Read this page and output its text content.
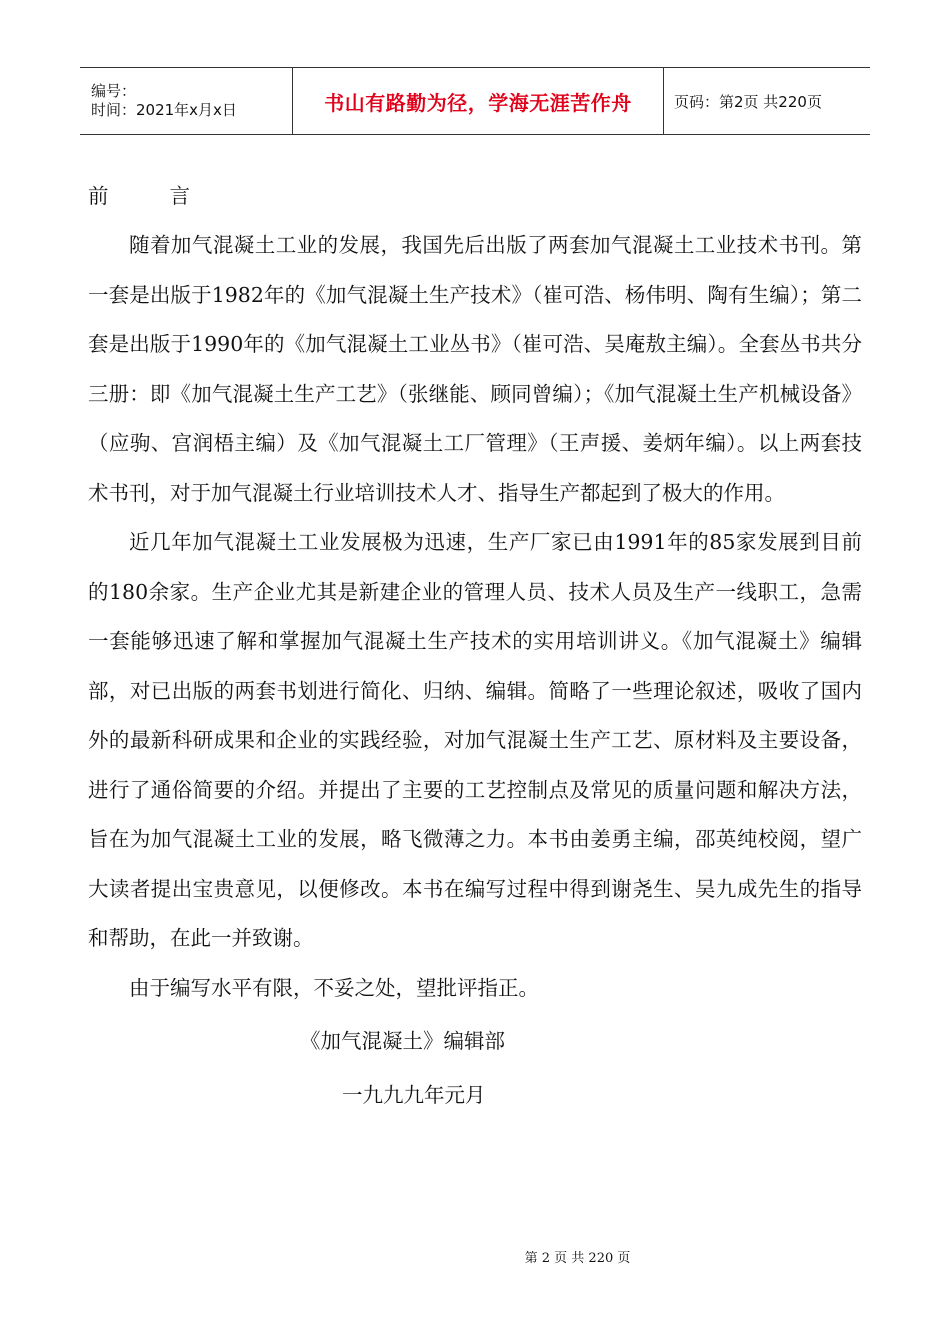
编号：
时间：2021年x月x日	书山有路勤为径，学海无涯苦作舟	页码：第2页 共220页
前	言

随着加气混凝土工业的发展，我国先后出版了两套加气混凝土工业技术书刊。第一套是出版于1982年的《加气混凝土生产技术》（崔可浩、杨伟明、陶有生编）；第二套是出版于1990年的《加气混凝土工业丛书》（崔可浩、吴庵敖主编）。全套丛书共分三册：即《加气混凝土生产工艺》（张继能、顾同曾编）；《加气混凝土生产机械设备》（应驹、宫润梧主编）及《加气混凝土工厂管理》（王声援、姜炳年编）。以上两套技术书刊，对于加气混凝土行业培训技术人才、指导生产都起到了极大的作用。

近几年加气混凝土工业发展极为迅速，生产厂家已由1991年的85家发展到目前的180余家。生产企业尤其是新建企业的管理人员、技术人员及生产一线职工，急需一套能够迅速了解和掌握加气混凝土生产技术的实用培训讲义。《加气混凝土》编辑部，对已出版的两套书划进行简化、归纳、编辑。简略了一些理论叙述，吸收了国内外的最新科研成果和企业的实践经验，对加气混凝土生产工艺、原材料及主要设备，进行了通俗简要的介绍。并提出了主要的工艺控制点及常见的质量问题和解决方法，旨在为加气混凝土工业的发展，略飞微薄之力。本书由姜勇主编，邵英纯校阅，望广大读者提出宝贵意见，以便修改。本书在编写过程中得到谢尧生、吴九成先生的指导和帮助，在此一并致谢。

由于编写水平有限，不妥之处，望批评指正。

《加气混凝土》编辑部

一九九九年元月

第 2 页 共 220 页
